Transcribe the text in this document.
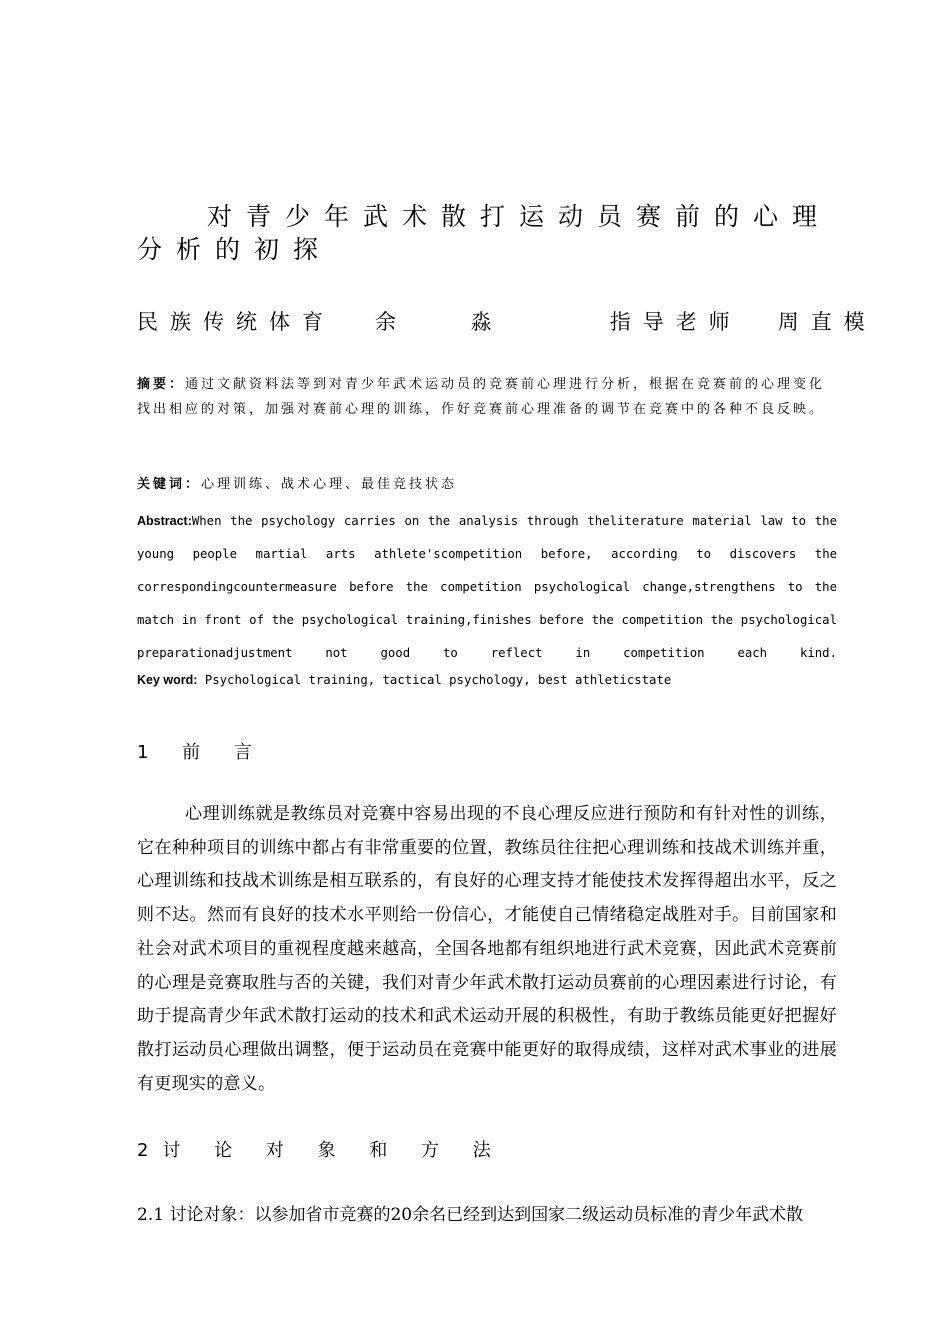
对青少年武术散打运动员赛前的心理分析的初探

民族传统体育 余 淼	指导老师 周直模

摘要：通过文献资料法等到对青少年武术运动员的竞赛前心理进行分析，根据在竞赛前的心理变化找出相应的对策，加强对赛前心理的训练，作好竞赛前心理准备的调节在竞赛中的各种不良反映。

关键词：心理训练、战术心理、最佳竞技状态

Abstract:When the psychology carries on the analysis through theliterature material law to the young people martial arts athlete'scompetition before, according to discovers the correspondingcountermeasure before the competition psychological change,strengthens to the match in front of the psychological training,finishes before the competition the psychological preparationadjustment not good to reflect in competition each kind.

Key word: Psychological training, tactical psychology, best athleticstate

1 前 言

心理训练就是教练员对竞赛中容易出现的不良心理反应进行预防和有针对性的训练，它在种种项目的训练中都占有非常重要的位置，教练员往往把心理训练和技战术训练并重，心理训练和技战术训练是相互联系的，有良好的心理支持才能使技术发挥得超出水平，反之则不达。然而有良好的技术水平则给一份信心，才能使自己情绪稳定战胜对手。目前国家和社会对武术项目的重视程度越来越高，全国各地都有组织地进行武术竞赛，因此武术竞赛前的心理是竞赛取胜与否的关键，我们对青少年武术散打运动员赛前的心理因素进行讨论，有助于提高青少年武术散打运动的技术和武术运动开展的积极性，有助于教练员能更好把握好散打运动员心理做出调整，便于运动员在竞赛中能更好的取得成绩，这样对武术事业的进展有更现实的意义。

2讨 论 对 象 和 方 法

2.1 讨论对象：以参加省市竞赛的20余名已经到达到国家二级运动员标准的青少年武术散
